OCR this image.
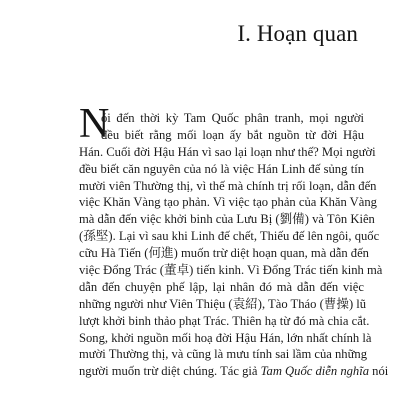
I. Hoạn quan
N
ói đến thời kỳ Tam Quốc phân tranh, mọi người
đều biết rằng mối loạn ấy bắt nguồn từ đời Hậu
Hán. Cuối đời Hậu Hán vì sao lại loạn như thế? Mọi người
đều biết căn nguyên của nó là việc Hán Linh đế sủng tín
mười viên Thường thị, vì thế mà chính trị rối loạn, dẫn đến
việc Khăn Vàng tạo phản. Vì việc tạo phản của Khăn Vàng
mà dẫn đến việc khởi binh của Lưu Bị (劉備) và Tôn Kiên
(孫堅). Lại vì sau khi Linh đế chết, Thiếu đế lên ngôi, quốc
cữu Hà Tiến (何進) muốn trừ diệt hoạn quan, mà dẫn đến
việc Đổng Trác (董卓) tiến kinh. Vì Đổng Trác tiến kinh mà
dẫn đến chuyện phế lập, lại nhân đó mà dẫn đến việc
những người như Viên Thiệu (袁紹), Tào Tháo (曹操) lũ
lượt khởi binh thảo phạt Trác. Thiên hạ từ đó mà chia cắt.
Song, khởi nguồn mối hoạ đời Hậu Hán, lớn nhất chính là
mười Thường thị, và cũng là mưu tính sai lầm của những
người muốn trừ diệt chúng. Tác giả Tam Quốc diễn nghĩa nói
